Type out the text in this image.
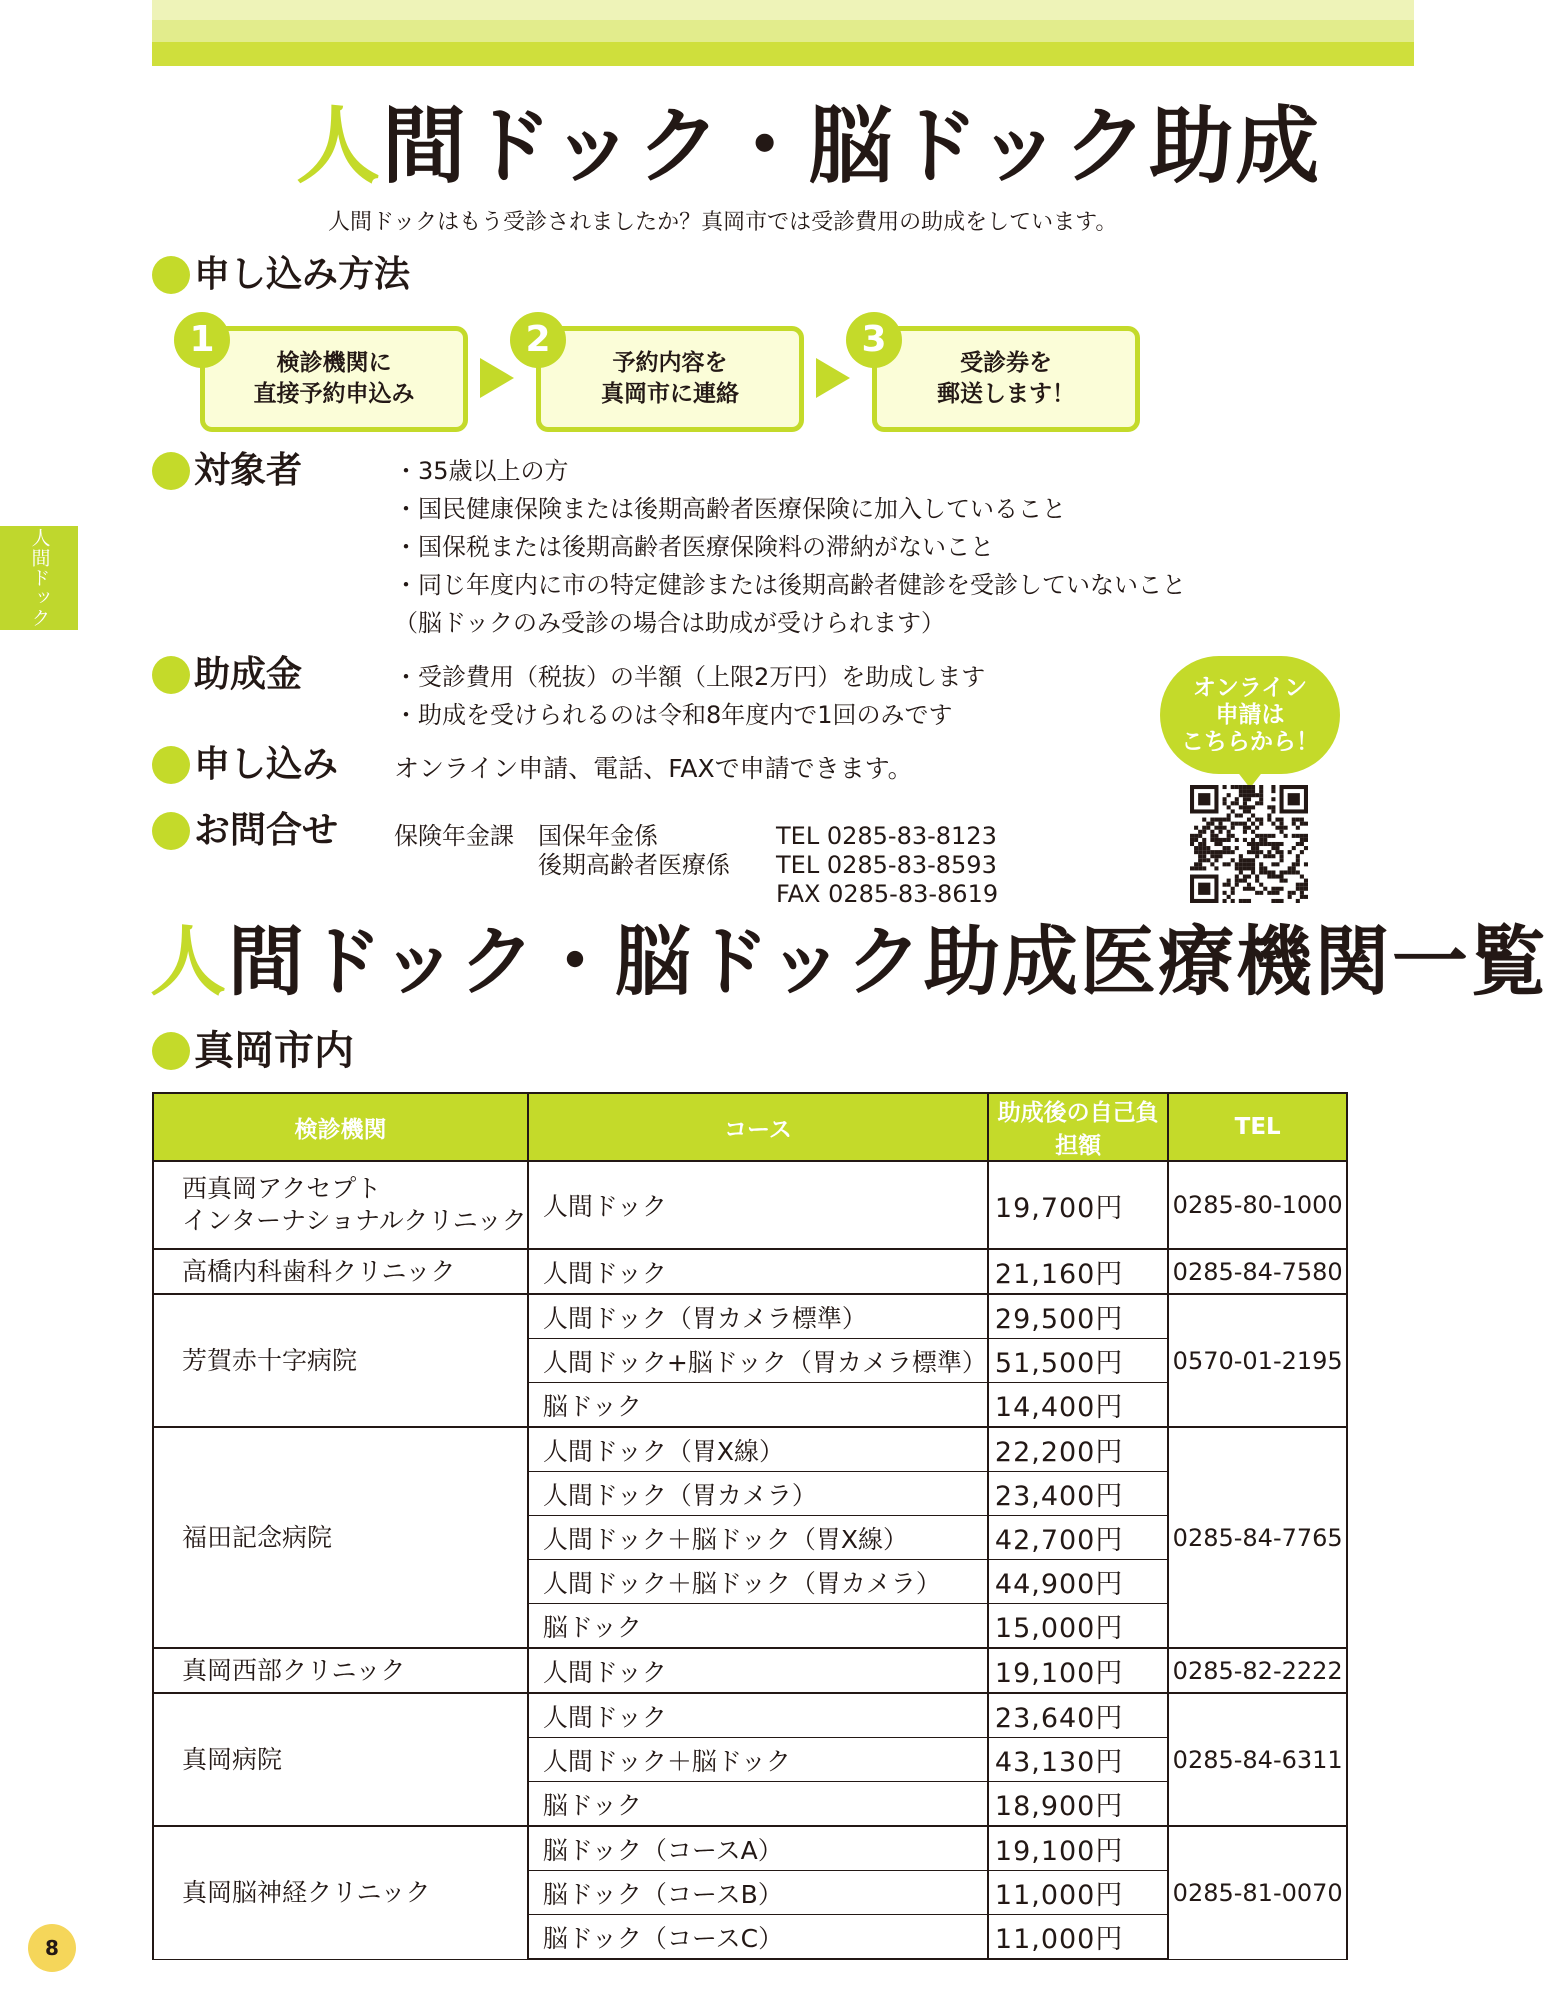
人間ドック
人間ドック・脳ドック助成
人間ドックはもう受診されましたか？真岡市では受診費用の助成をしています。
申し込み方法
検診機関に
直接予約申込み
1
予約内容を
真岡市に連絡
2
受診券を
郵送します！
3
対象者	・35歳以上の方
・国民健康保険または後期高齢者医療保険に加入していること
・国保税または後期高齢者医療保険料の滞納がないこと
・同じ年度内に市の特定健診または後期高齢者健診を受診していないこと
（脳ドックのみ受診の場合は助成が受けられます）
助成金	・受診費用（税抜）の半額（上限2万円）を助成します
・助成を受けられるのは令和8年度内で1回のみです
申し込み オンライン申請、電話、FAXで申請できます。
オンライン
申請は
こちらから！
お問合せ 保険年金課 国保年金係
後期高齢者医療係
TEL 0285-83-8123
TEL 0285-83-8593
FAX 0285-83-8619
人間ドック・脳ドック助成医療機関一覧
真岡市内
検診機関	コース	助成後の自己負担額	TEL

西真岡アクセプト
インターナショナルクリニック	人間ドック	19,700円	0285-80-1000

高橋内科歯科クリニック	人間ドック	21,160円	0285-84-7580

芳賀赤十字病院	人間ドック（胃カメラ標準）	29,500円	0570-01-2195
	人間ドック+脳ドック（胃カメラ標準）	51,500円	
	脳ドック	14,400円	

福田記念病院	人間ドック（胃X線）	22,200円	0285-84-7765
	人間ドック（胃カメラ）	23,400円	
	人間ドック＋脳ドック（胃X線）	42,700円	
	人間ドック＋脳ドック（胃カメラ）	44,900円	
	脳ドック	15,000円	

真岡西部クリニック	人間ドック	19,100円	0285-82-2222

真岡病院	人間ドック	23,640円	0285-84-6311
	人間ドック＋脳ドック	43,130円	
	脳ドック	18,900円	

真岡脳神経クリニック	脳ドック（コースA）	19,100円	0285-81-0070
	脳ドック（コースB）	11,000円	
	脳ドック（コースC）	11,000円	
8
